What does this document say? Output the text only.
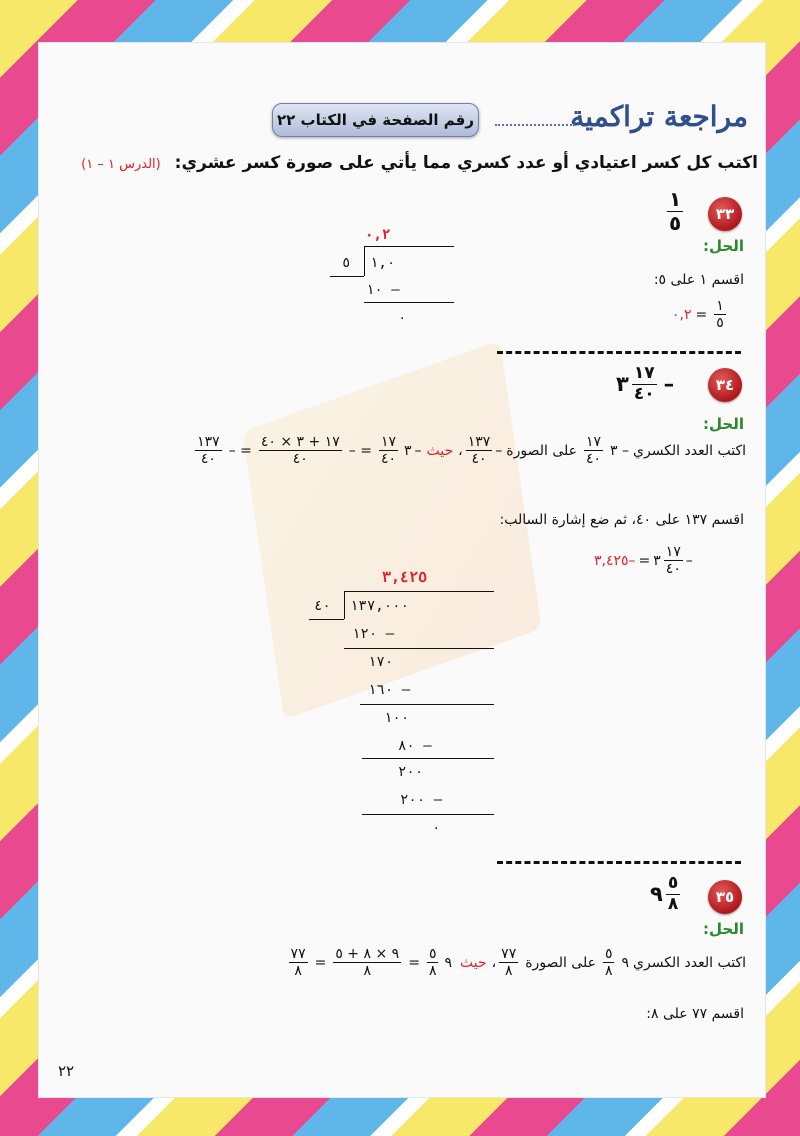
مراجعة تراكمية
رقم الصفحة في الكتاب ٢٢
اكتب كل كسر اعتيادي أو عدد كسري مما يأتي على صورة كسر عشري: (الدرس ١ – ١)
٣٣
$\frac{١}{٥}$
الحل:
اقسم ١ على ٥:
٠,٢ = $\frac{١}{٥}$
٠,٢
٥ ١,٠
١٠ –
٠
٣٤
٣ $\frac{١٧}{٤٠}$ –
الحل:
اكتب العدد الكسري
– ٣
$\frac{١٧}{٤٠}$
على الصورة
–
$\frac{١٣٧}{٤٠}$
،
حيث
–
٣
$\frac{١٧}{٤٠}$
= –
$\frac{١٧ + ٣ \times ٤٠}{٤٠}$
= –
$\frac{١٣٧}{٤٠}$
اقسم ١٣٧ على ٤٠، ثم ضع إشارة السالب:
–
$\frac{١٧}{٤٠}$
٣
=
–٣,٤٢٥
٣,٤٢٥
٤٠ ١٣٧,٠٠٠
١٢٠ –
١٧٠
١٦٠ –
١٠٠
٨٠ –
٢٠٠
٢٠٠ –
٠
٣٥
٩ $\frac{٥}{٨}$
الحل:
اكتب العدد الكسري
٩
$\frac{٥}{٨}$
على الصورة
$\frac{٧٧}{٨}$
،
حيث
٩
$\frac{٥}{٨}$
=
$\frac{٩ \times ٨ + ٥}{٨}$
=
$\frac{٧٧}{٨}$
اقسم ٧٧ على ٨:
٢٢
